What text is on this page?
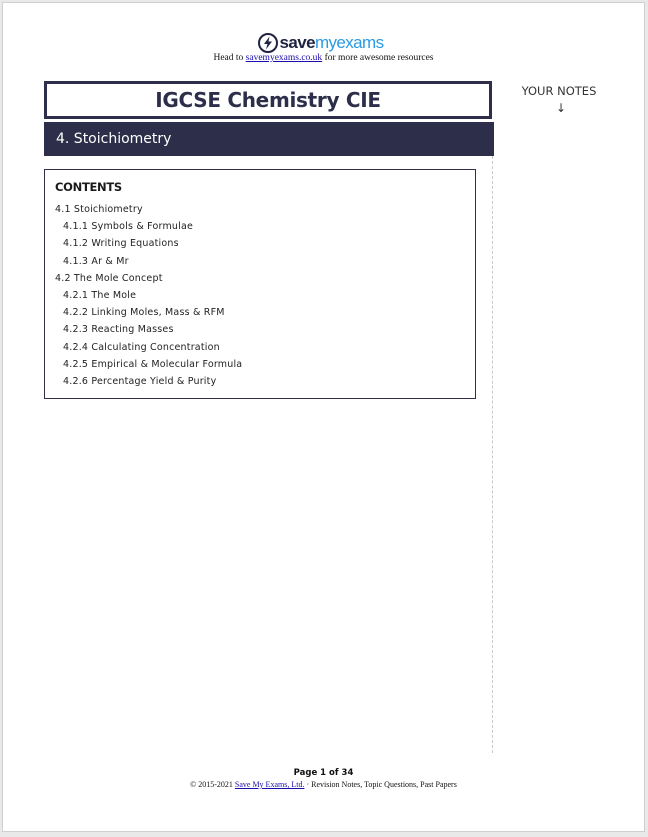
savemyexams
Head to savemyexams.co.uk for more awesome resources
IGCSE Chemistry CIE
4. Stoichiometry
YOUR NOTES
↓
CONTENTS
4.1 Stoichiometry
4.1.1 Symbols & Formulae
4.1.2 Writing Equations
4.1.3 Ar & Mr
4.2 The Mole Concept
4.2.1 The Mole
4.2.2 Linking Moles, Mass & RFM
4.2.3 Reacting Masses
4.2.4 Calculating Concentration
4.2.5 Empirical & Molecular Formula
4.2.6 Percentage Yield & Purity
Page 1 of 34
© 2015-2021 Save My Exams, Ltd. · Revision Notes, Topic Questions, Past Papers
